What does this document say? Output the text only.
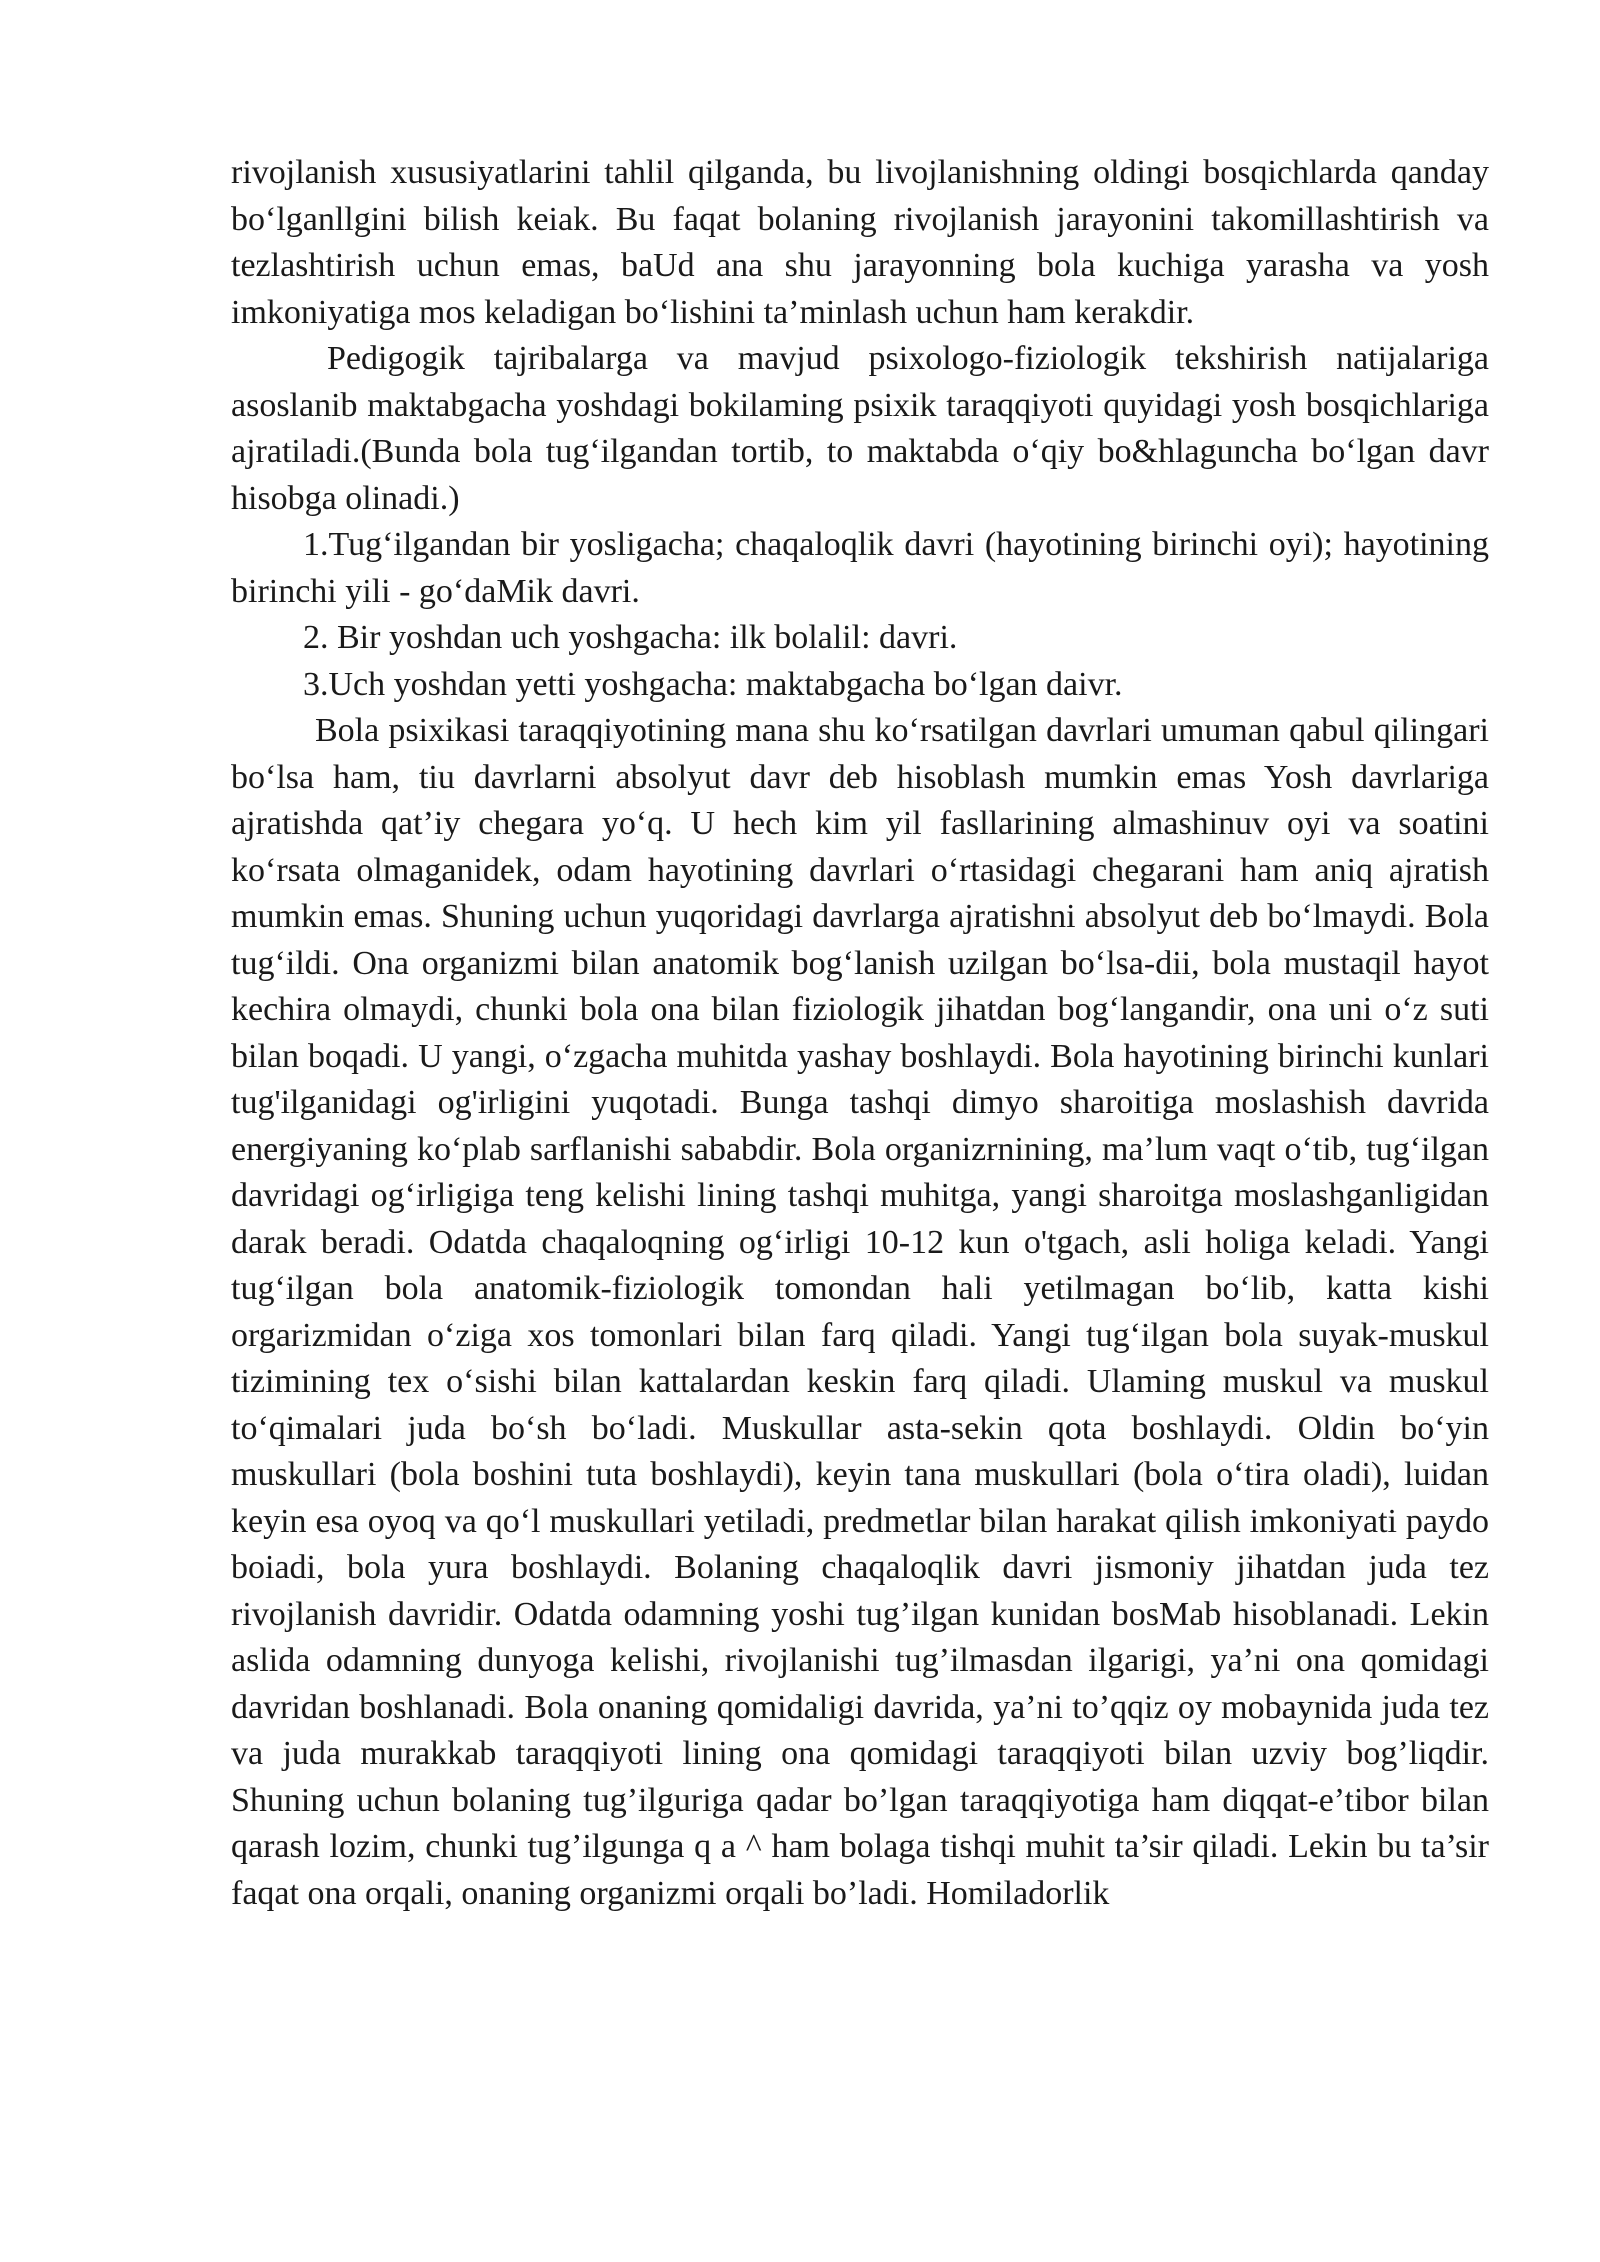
rivojlanish xususiyatlarini tahlil qilganda, bu livojlanishning oldingi bosqichlarda qanday bo‘lganllgini bilish keiak. Bu faqat bolaning rivojlanish jarayonini takomillashtirish va tezlashtirish uchun emas, baUd ana shu jarayonning bola kuchiga yarasha va yosh imkoniyatiga mos keladigan bo‘lishini ta’minlash uchun ham kerakdir.

Pedigogik tajribalarga va mavjud psixologo-fiziologik tekshirish natijalariga asoslanib maktabgacha yoshdagi bokilaming psixik taraqqiyoti quyidagi yosh bosqichlariga ajratiladi.(Bunda bola tug‘ilgandan tortib, to maktabda o‘qiy bo&hlaguncha bo‘lgan davr hisobga olinadi.)

1.Tug‘ilgandan bir yosligacha; chaqaloqlik davri (hayotining birinchi oyi); hayotining birinchi yili - go‘daMik davri.

2. Bir yoshdan uch yoshgacha: ilk bolalil: davri.

3.Uch yoshdan yetti yoshgacha: maktabgacha bo‘lgan daivr.

Bola psixikasi taraqqiyotining mana shu ko‘rsatilgan davrlari umuman qabul qilingari bo‘lsa ham, tiu davrlarni absolyut davr deb hisoblash mumkin emas Yosh davrlariga ajratishda qat’iy chegara yo‘q. U hech kim yil fasllarining almashinuv oyi va soatini ko‘rsata olmaganidek, odam hayotining davrlari o‘rtasidagi chegarani ham aniq ajratish mumkin emas. Shuning uchun yuqoridagi davrlarga ajratishni absolyut deb bo‘lmaydi. Bola tug‘ildi. Ona organizmi bilan anatomik bog‘lanish uzilgan bo‘lsa-dii, bola mustaqil hayot kechira olmaydi, chunki bola ona bilan fiziologik jihatdan bog‘langandir, ona uni o‘z suti bilan boqadi. U yangi, o‘zgacha muhitda yashay boshlaydi. Bola hayotining birinchi kunlari tug'ilganidagi og'irligini yuqotadi. Bunga tashqi dimyo sharoitiga moslashish davrida energiyaning ko‘plab sarflanishi sababdir. Bola organizrnining, ma’lum vaqt o‘tib, tug‘ilgan davridagi og‘irligiga teng kelishi lining tashqi muhitga, yangi sharoitga moslashganligidan darak beradi. Odatda chaqaloqning og‘irligi 10-12 kun o'tgach, asli holiga keladi. Yangi tug‘ilgan bola anatomik-fiziologik tomondan hali yetilmagan bo‘lib, katta kishi orgarizmidan o‘ziga xos tomonlari bilan farq qiladi. Yangi tug‘ilgan bola suyak-muskul tizimining tex o‘sishi bilan kattalardan keskin farq qiladi. Ulaming muskul va muskul to‘qimalari juda bo‘sh bo‘ladi. Muskullar asta-sekin qota boshlaydi. Oldin bo‘yin muskullari (bola boshini tuta boshlaydi), keyin tana muskullari (bola o‘tira oladi), luidan keyin esa oyoq va qo‘l muskullari yetiladi, predmetlar bilan harakat qilish imkoniyati paydo boiadi, bola yura boshlaydi. Bolaning chaqaloqlik davri jismoniy jihatdan juda tez rivojlanish davridir. Odatda odamning yoshi tug’ilgan kunidan bosMab hisoblanadi. Lekin aslida odamning dunyoga kelishi, rivojlanishi tug’ilmasdan ilgarigi, ya’ni ona qomidagi davridan boshlanadi. Bola onaning qomidaligi davrida, ya’ni to’qqiz oy mobaynida juda tez va juda murakkab taraqqiyoti lining ona qomidagi taraqqiyoti bilan uzviy bog’liqdir. Shuning uchun bolaning tug’ilguriga qadar bo’lgan taraqqiyotiga ham diqqat-e’tibor bilan qarash lozim, chunki tug’ilgunga q a ^ ham bolaga tishqi muhit ta’sir qiladi. Lekin bu ta’sir faqat ona orqali, onaning organizmi orqali bo’ladi. Homiladorlik
